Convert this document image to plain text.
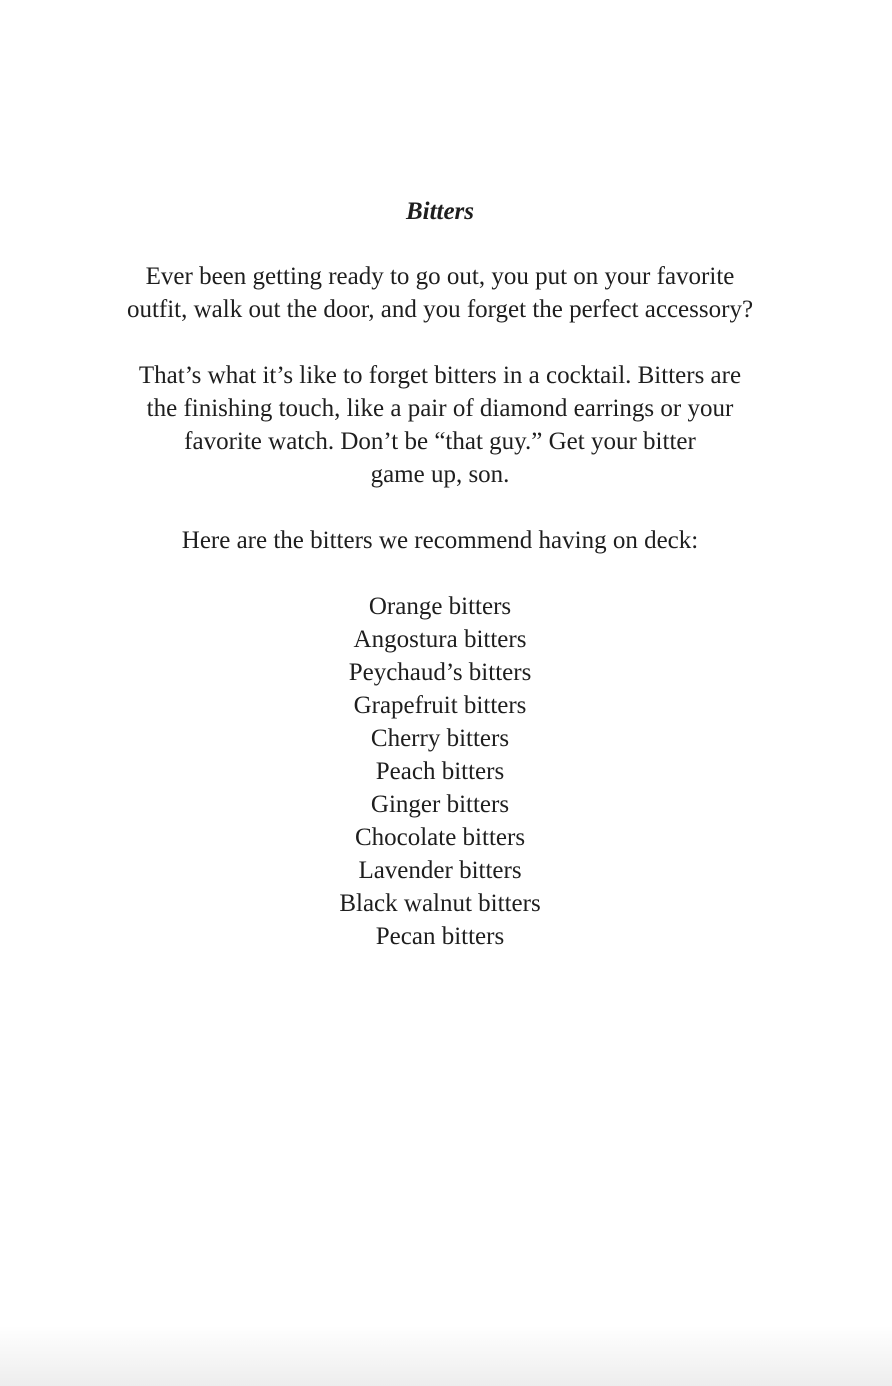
Bitters

Ever been getting ready to go out, you put on your favorite
outfit, walk out the door, and you forget the perfect accessory?

That’s what it’s like to forget bitters in a cocktail. Bitters are
the finishing touch, like a pair of diamond earrings or your
favorite watch. Don’t be “that guy.” Get your bitter
game up, son.

Here are the bitters we recommend having on deck:

Orange bitters
Angostura bitters
Peychaud’s bitters
Grapefruit bitters
Cherry bitters
Peach bitters
Ginger bitters
Chocolate bitters
Lavender bitters
Black walnut bitters
Pecan bitters
